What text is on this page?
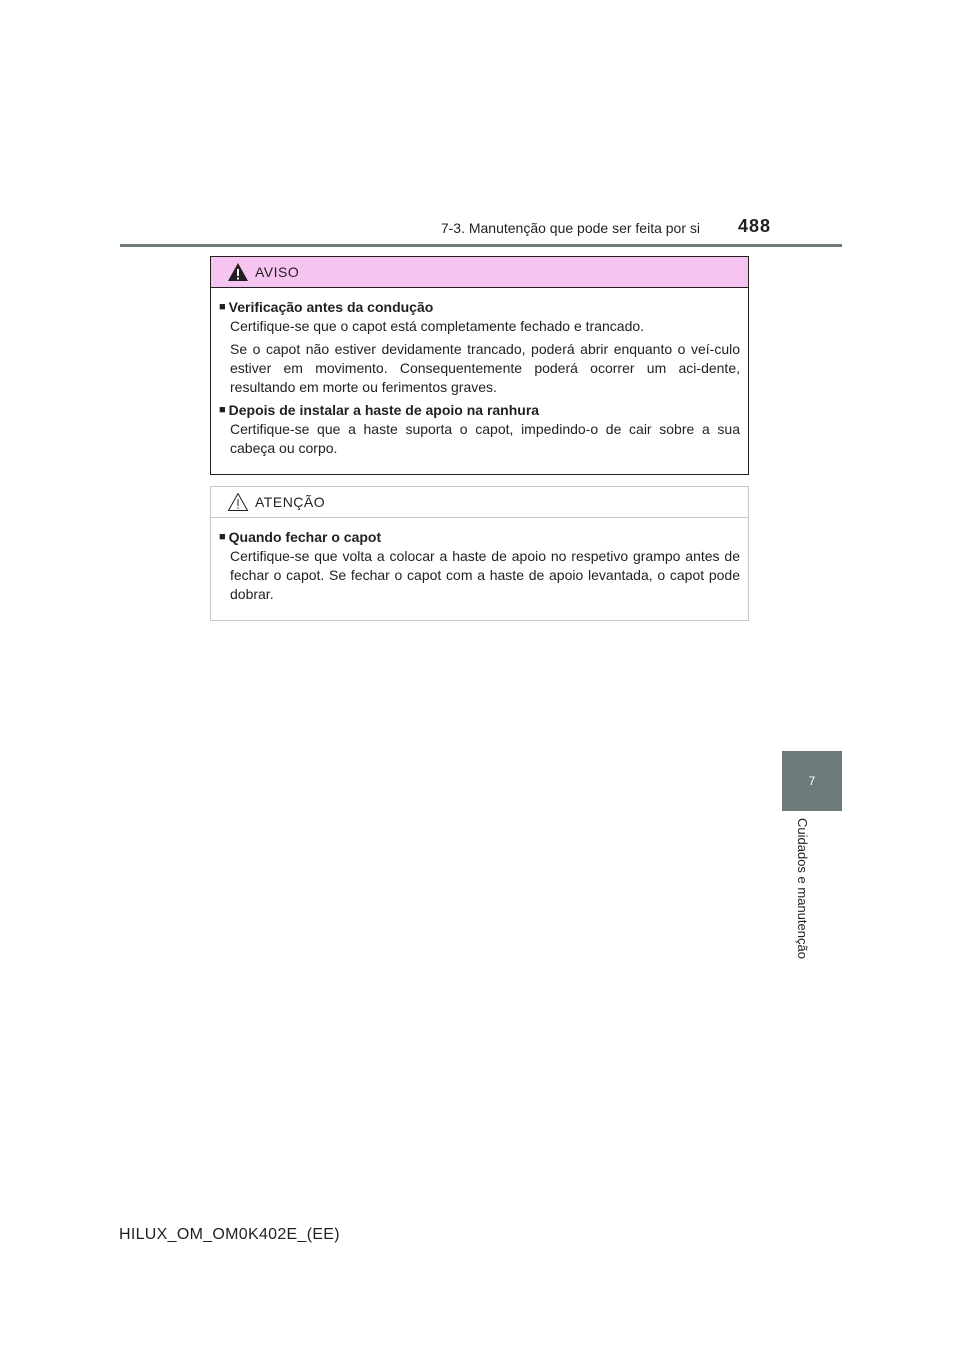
7-3. Manutenção que pode ser feita por si 488
AVISO
■ Verificação antes da condução

Certifique-se que o capot está completamente fechado e trancado.

Se o capot não estiver devidamente trancado, poderá abrir enquanto o veí-culo estiver em movimento. Consequentemente poderá ocorrer um aci-dente, resultando em morte ou ferimentos graves.

■ Depois de instalar a haste de apoio na ranhura

Certifique-se que a haste suporta o capot, impedindo-o de cair sobre a sua cabeça ou corpo.

ATENÇÃO
■ Quando fechar o capot

Certifique-se que volta a colocar a haste de apoio no respetivo grampo antes de fechar o capot. Se fechar o capot com a haste de apoio levantada, o capot pode dobrar.

7
Cuidados e manutenção
HILUX_OM_OM0K402E_(EE)
